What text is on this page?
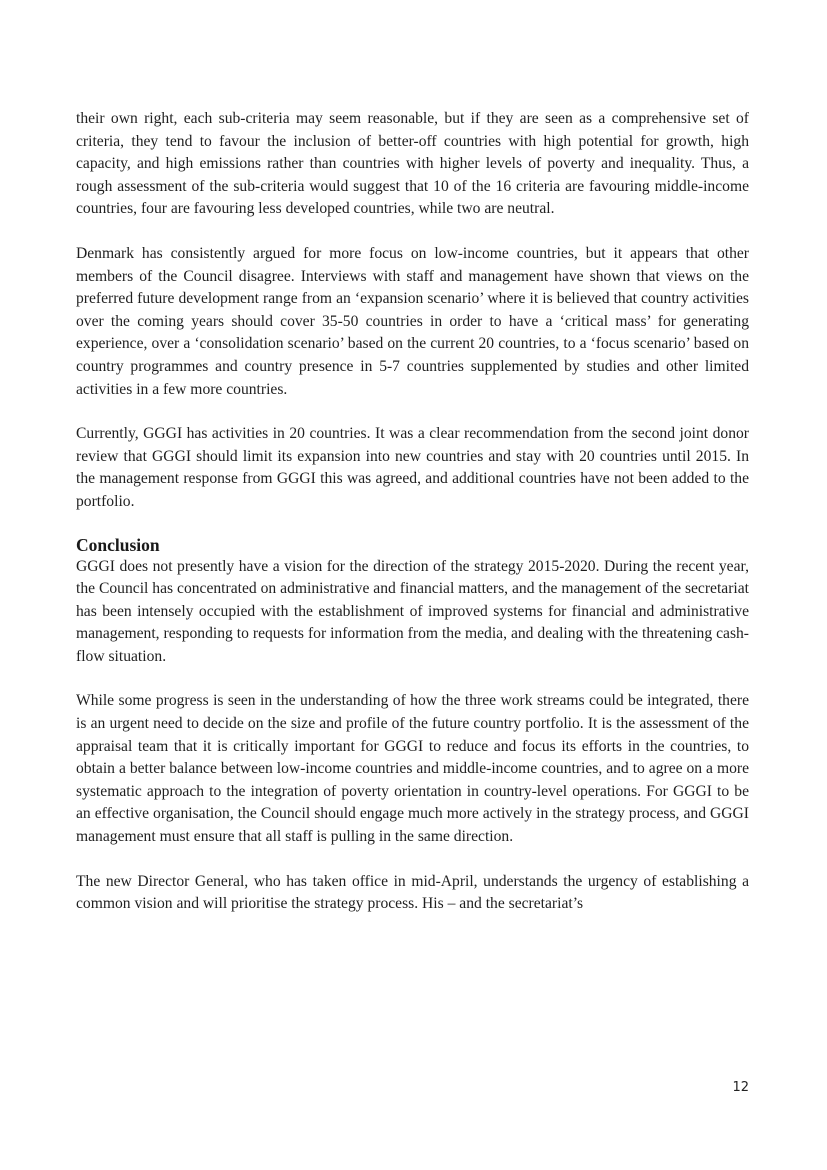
their own right, each sub-criteria may seem reasonable, but if they are seen as a comprehensive set of criteria, they tend to favour the inclusion of better-off countries with high potential for growth, high capacity, and high emissions rather than countries with higher levels of poverty and inequality. Thus, a rough assessment of the sub-criteria would suggest that 10 of the 16 criteria are favouring middle-income countries, four are favouring less developed countries, while two are neutral.

Denmark has consistently argued for more focus on low-income countries, but it appears that other members of the Council disagree. Interviews with staff and management have shown that views on the preferred future development range from an ‘expansion scenario’ where it is believed that country activities over the coming years should cover 35-50 countries in order to have a ‘critical mass’ for generating experience, over a ‘consolidation scenario’ based on the current 20 countries, to a ‘focus scenario’ based on country programmes and country presence in 5-7 countries supplemented by studies and other limited activities in a few more countries.

Currently, GGGI has activities in 20 countries. It was a clear recommendation from the second joint donor review that GGGI should limit its expansion into new countries and stay with 20 countries until 2015. In the management response from GGGI this was agreed, and additional countries have not been added to the portfolio.

Conclusion

GGGI does not presently have a vision for the direction of the strategy 2015-2020. During the recent year, the Council has concentrated on administrative and financial matters, and the management of the secretariat has been intensely occupied with the establishment of improved systems for financial and administrative management, responding to requests for information from the media, and dealing with the threatening cash-flow situation.

While some progress is seen in the understanding of how the three work streams could be integrated, there is an urgent need to decide on the size and profile of the future country portfolio. It is the assessment of the appraisal team that it is critically important for GGGI to reduce and focus its efforts in the countries, to obtain a better balance between low-income countries and middle-income countries, and to agree on a more systematic approach to the integration of poverty orientation in country-level operations. For GGGI to be an effective organisation, the Council should engage much more actively in the strategy process, and GGGI management must ensure that all staff is pulling in the same direction.

The new Director General, who has taken office in mid-April, understands the urgency of establishing a common vision and will prioritise the strategy process. His – and the secretariat’s

12
